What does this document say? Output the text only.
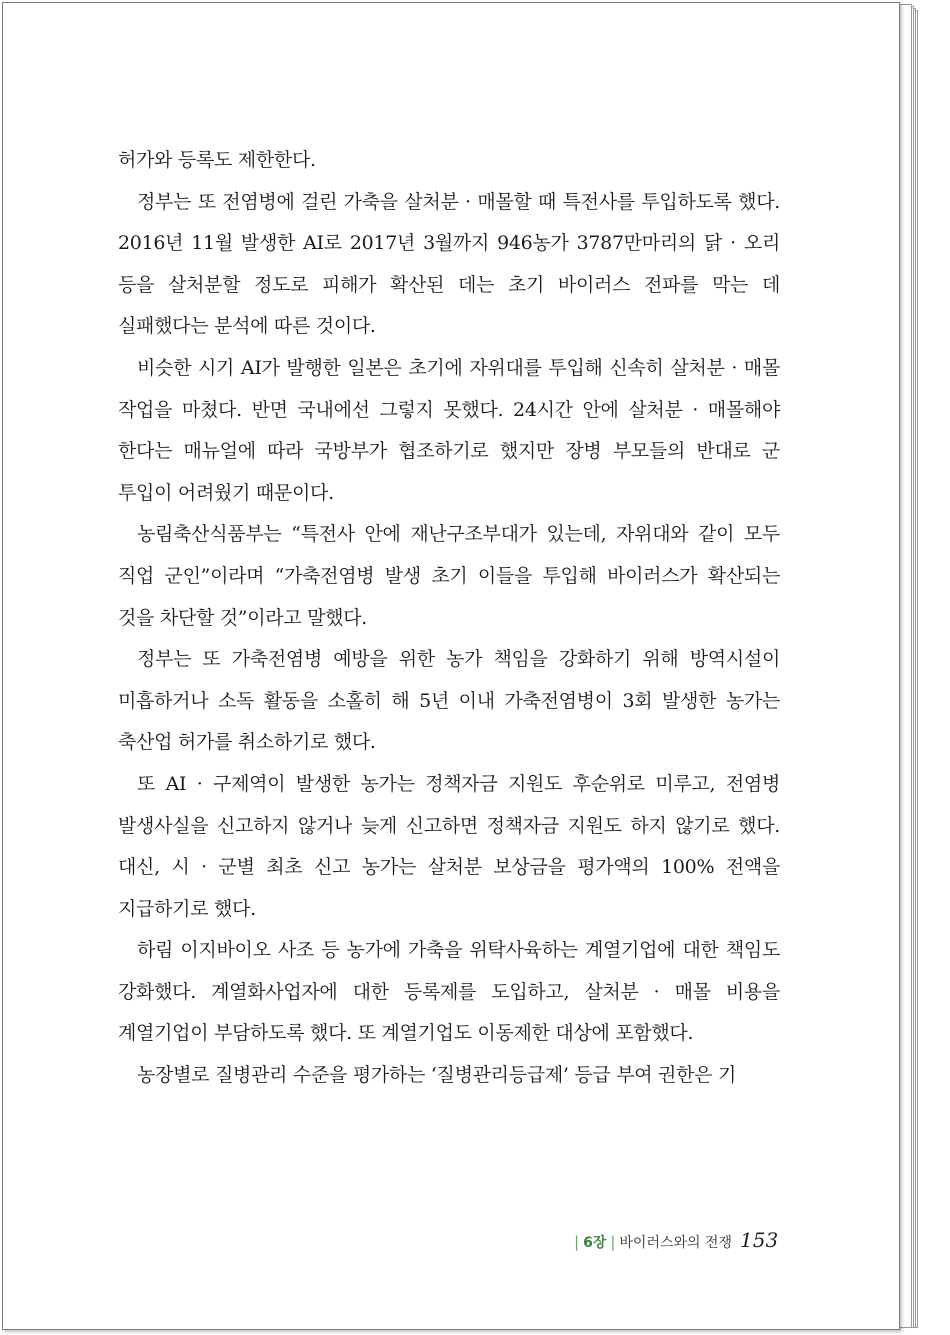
허가와 등록도 제한한다.

정부는 또 전염병에 걸린 가축을 살처분 · 매몰할 때 특전사를 투입하도록 했다. 2016년 11월 발생한 AI로 2017년 3월까지 946농가 3787만마리의 닭 · 오리 등을 살처분할 정도로 피해가 확산된 데는 초기 바이러스 전파를 막는 데 실패했다는 분석에 따른 것이다.

비슷한 시기 AI가 발행한 일본은 초기에 자위대를 투입해 신속히 살처분 · 매몰 작업을 마쳤다. 반면 국내에선 그렇지 못했다. 24시간 안에 살처분 · 매몰해야 한다는 매뉴얼에 따라 국방부가 협조하기로 했지만 장병 부모들의 반대로 군 투입이 어려웠기 때문이다.

농림축산식품부는 “특전사 안에 재난구조부대가 있는데, 자위대와 같이 모두 직업 군인”이라며 “가축전염병 발생 초기 이들을 투입해 바이러스가 확산되는 것을 차단할 것”이라고 말했다.

정부는 또 가축전염병 예방을 위한 농가 책임을 강화하기 위해 방역시설이 미흡하거나 소독 활동을 소홀히 해 5년 이내 가축전염병이 3회 발생한 농가는 축산업 허가를 취소하기로 했다.

또 AI · 구제역이 발생한 농가는 정책자금 지원도 후순위로 미루고, 전염병 발생사실을 신고하지 않거나 늦게 신고하면 정책자금 지원도 하지 않기로 했다. 대신, 시 · 군별 최초 신고 농가는 살처분 보상금을 평가액의 100% 전액을 지급하기로 했다.

하림 이지바이오 사조 등 농가에 가축을 위탁사육하는 계열기업에 대한 책임도 강화했다. 계열화사업자에 대한 등록제를 도입하고, 살처분 · 매몰 비용을 계열기업이 부담하도록 했다. 또 계열기업도 이동제한 대상에 포함했다.

농장별로 질병관리 수준을 평가하는 ‘질병관리등급제’ 등급 부여 권한은 기

| 6장 | 바이러스와의 전쟁 153
